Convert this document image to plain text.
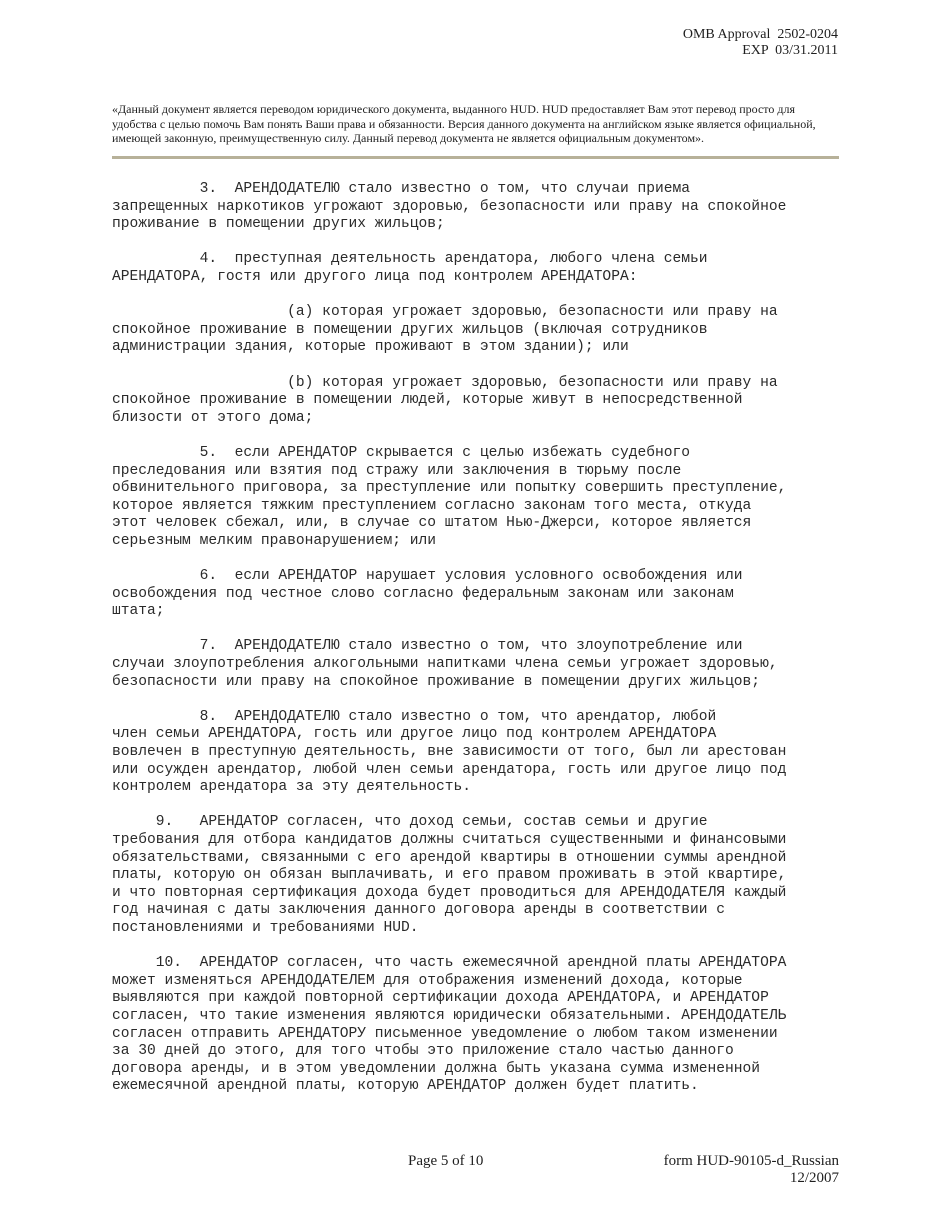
OMB Approval  2502-0204
EXP  03/31.2011

«Данный документ является переводом юридического документа, выданного HUD. HUD предоставляет Вам этот перевод просто для удобства с целью помочь Вам понять Ваши права и обязанности. Версия данного документа на английском языке является официальной, имеющей законную, преимущественную силу. Данный перевод документа не является официальным документом».

3.  АРЕНДОДАТЕЛЮ стало известно о том, что случаи приема
запрещенных наркотиков угрожают здоровью, безопасности или праву на спокойное
проживание в помещении других жильцов;

4.  преступная деятельность арендатора, любого члена семьи
АРЕНДАТОРА, гостя или другого лица под контролем АРЕНДАТОРА:

(a) которая угрожает здоровью, безопасности или праву на
спокойное проживание в помещении других жильцов (включая сотрудников
администрации здания, которые проживают в этом здании); или

(b) которая угрожает здоровью, безопасности или праву на
спокойное проживание в помещении людей, которые живут в непосредственной
близости от этого дома;

5.  если АРЕНДАТОР скрывается с целью избежать судебного
преследования или взятия под стражу или заключения в тюрьму после
обвинительного приговора, за преступление или попытку совершить преступление,
которое является тяжким преступлением согласно законам того места, откуда
этот человек сбежал, или, в случае со штатом Нью-Джерси, которое является
серьезным мелким правонарушением; или

6.  если АРЕНДАТОР нарушает условия условного освобождения или
освобождения под честное слово согласно федеральным законам или законам
штата;

7.  АРЕНДОДАТЕЛЮ стало известно о том, что злоупотребление или
случаи злоупотребления алкогольными напитками члена семьи угрожает здоровью,
безопасности или праву на спокойное проживание в помещении других жильцов;

8.  АРЕНДОДАТЕЛЮ стало известно о том, что арендатор, любой
член семьи АРЕНДАТОРА, гость или другое лицо под контролем АРЕНДАТОРА
вовлечен в преступную деятельность, вне зависимости от того, был ли арестован
или осужден арендатор, любой член семьи арендатора, гость или другое лицо под
контролем арендатора за эту деятельность.

9.   АРЕНДАТОР согласен, что доход семьи, состав семьи и другие
требования для отбора кандидатов должны считаться существенными и финансовыми
обязательствами, связанными с его арендой квартиры в отношении суммы арендной
платы, которую он обязан выплачивать, и его правом проживать в этой квартире,
и что повторная сертификация дохода будет проводиться для АРЕНДОДАТЕЛЯ каждый
год начиная с даты заключения данного договора аренды в соответствии с
постановлениями и требованиями HUD.

10.  АРЕНДАТОР согласен, что часть ежемесячной арендной платы АРЕНДАТОРА
может изменяться АРЕНДОДАТЕЛЕМ для отображения изменений дохода, которые
выявляются при каждой повторной сертификации дохода АРЕНДАТОРА, и АРЕНДАТОР
согласен, что такие изменения являются юридически обязательными. АРЕНДОДАТЕЛЬ
согласен отправить АРЕНДАТОРУ письменное уведомление о любом таком изменении
за 30 дней до этого, для того чтобы это приложение стало частью данного
договора аренды, и в этом уведомлении должна быть указана сумма измененной
ежемесячной арендной платы, которую АРЕНДАТОР должен будет платить.

Page 5 of 10	form HUD-90105-d_Russian
12/2007
